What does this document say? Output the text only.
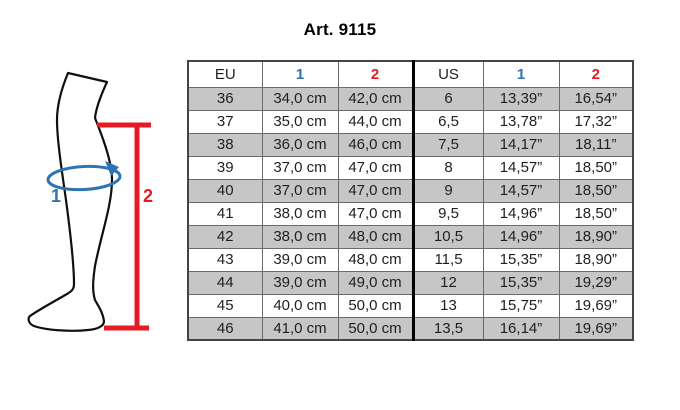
Art. 9115
1	2
EU	1	2	US	1	2
36	34,0 cm	42,0 cm	6	13,39”	16,54”
37	35,0 cm	44,0 cm	6,5	13,78”	17,32”
38	36,0 cm	46,0 cm	7,5	14,17”	18,11”
39	37,0 cm	47,0 cm	8	14,57”	18,50”
40	37,0 cm	47,0 cm	9	14,57”	18,50”
41	38,0 cm	47,0 cm	9,5	14,96”	18,50”
42	38,0 cm	48,0 cm	10,5	14,96”	18,90”
43	39,0 cm	48,0 cm	11,5	15,35”	18,90”
44	39,0 cm	49,0 cm	12	15,35”	19,29”
45	40,0 cm	50,0 cm	13	15,75”	19,69”
46	41,0 cm	50,0 cm	13,5	16,14”	19,69”
